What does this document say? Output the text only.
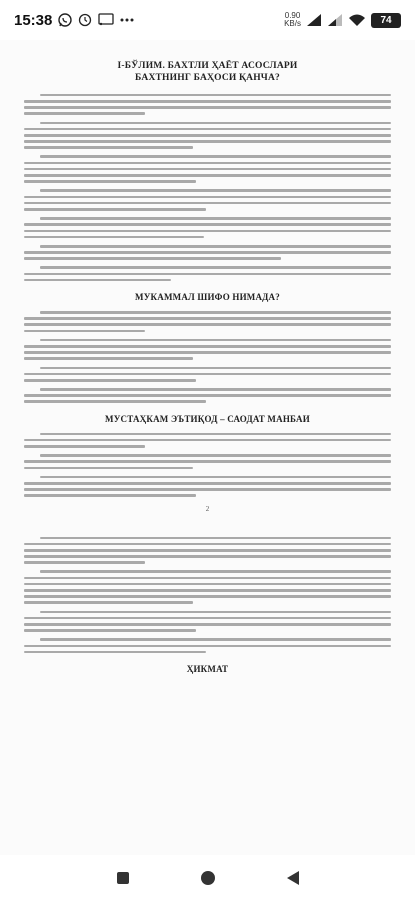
15:38	0.90
KB/s	74
I-БЎЛИМ. БАХТЛИ ҲАЁТ АСОСЛАРИ
БАХТНИНГ БАҲОСИ ҚАНЧА?
МУКАММАЛ ШИФО НИМАДА?
МУСТАҲКАМ ЭЪТИҚОД – САОДАТ МАНБАИ
2
ҲИКМАТ
